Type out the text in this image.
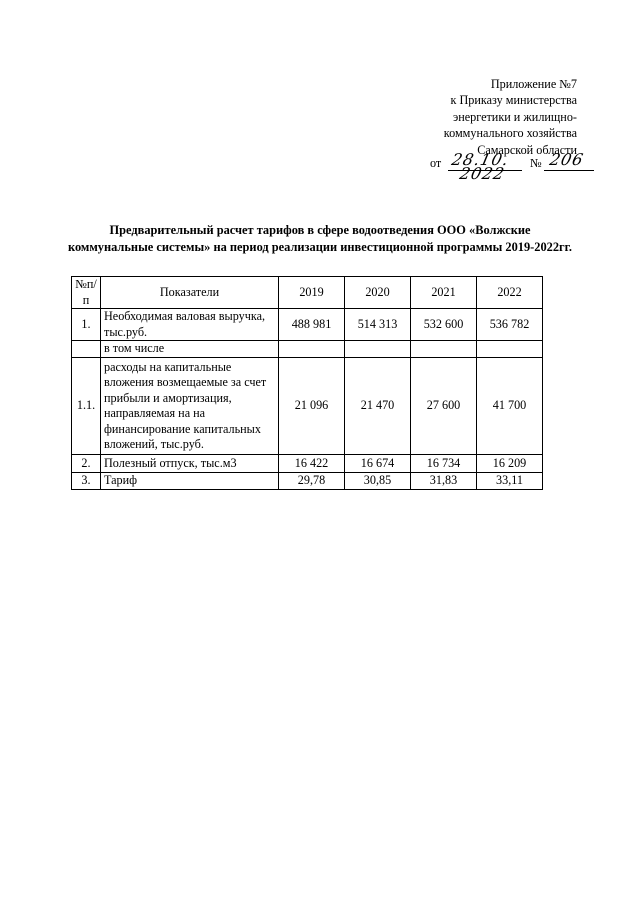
Приложение №7
к Приказу министерства
энергетики и жилищно-
коммунального хозяйства
Самарской области
от 28.10. № 206
2022
Предварительный расчет тарифов в сфере водоотведения ООО «Волжские
коммунальные системы» на период реализации инвестиционной программы 2019-2022гг.
№п/п	Показатели	2019	2020	2021	2022
1.	Необходимая валовая выручка, тыс.руб.	488 981	514 313	532 600	536 782
	в том числе				
1.1.	расходы на капитальные вложения возмещаемые за счет прибыли и амортизация, направляемая на на финансирование капитальных вложений, тыс.руб.	21 096	21 470	27 600	41 700
2.	Полезный отпуск, тыс.м3	16 422	16 674	16 734	16 209
3.	Тариф	29,78	30,85	31,83	33,11
